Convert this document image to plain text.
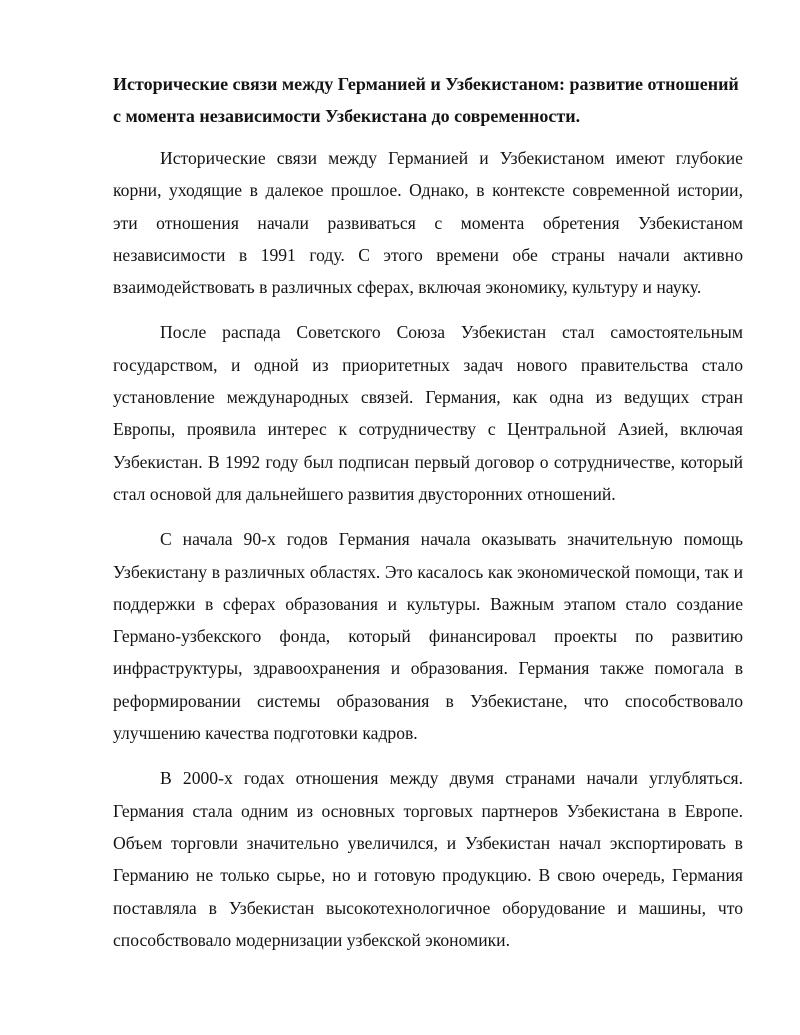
Исторические связи между Германией и Узбекистаном: развитие отношений с момента независимости Узбекистана до современности.

Исторические связи между Германией и Узбекистаном имеют глубокие корни, уходящие в далекое прошлое. Однако, в контексте современной истории, эти отношения начали развиваться с момента обретения Узбекистаном независимости в 1991 году. С этого времени обе страны начали активно взаимодействовать в различных сферах, включая экономику, культуру и науку.

После распада Советского Союза Узбекистан стал самостоятельным государством, и одной из приоритетных задач нового правительства стало установление международных связей. Германия, как одна из ведущих стран Европы, проявила интерес к сотрудничеству с Центральной Азией, включая Узбекистан. В 1992 году был подписан первый договор о сотрудничестве, который стал основой для дальнейшего развития двусторонних отношений.

С начала 90-х годов Германия начала оказывать значительную помощь Узбекистану в различных областях. Это касалось как экономической помощи, так и поддержки в сферах образования и культуры. Важным этапом стало создание Германо-узбекского фонда, который финансировал проекты по развитию инфраструктуры, здравоохранения и образования. Германия также помогала в реформировании системы образования в Узбекистане, что способствовало улучшению качества подготовки кадров.

В 2000-х годах отношения между двумя странами начали углубляться. Германия стала одним из основных торговых партнеров Узбекистана в Европе. Объем торговли значительно увеличился, и Узбекистан начал экспортировать в Германию не только сырье, но и готовую продукцию. В свою очередь, Германия поставляла в Узбекистан высокотехнологичное оборудование и машины, что способствовало модернизации узбекской экономики.
